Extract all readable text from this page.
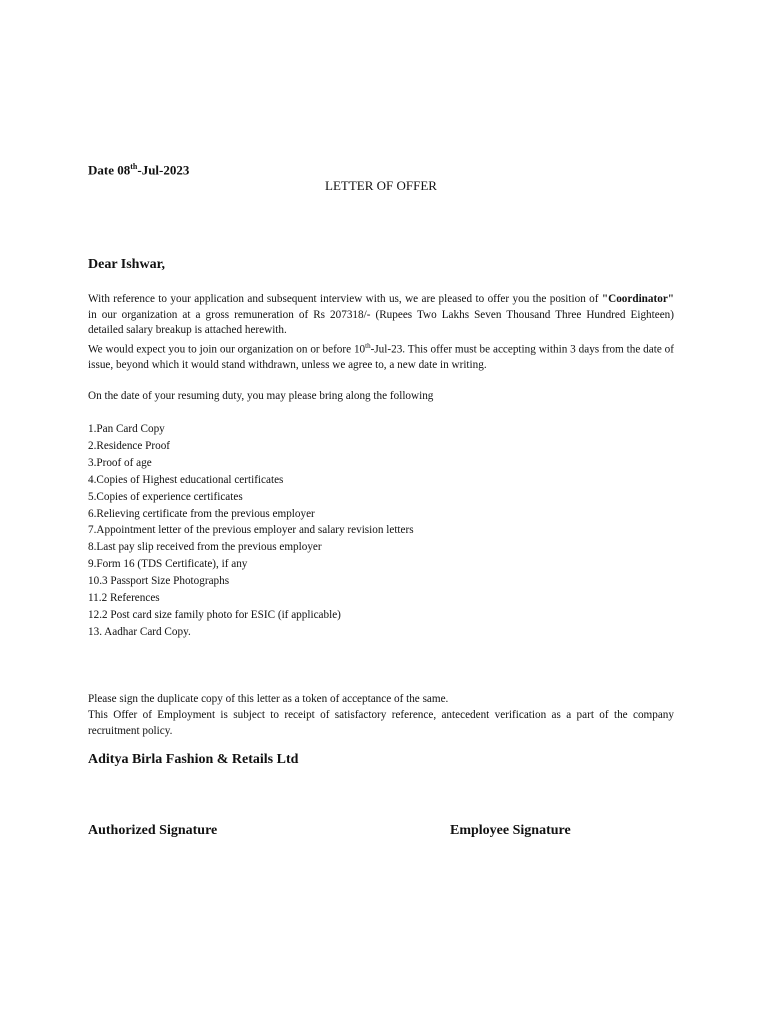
Date 08th-Jul-2023
LETTER OF OFFER
Dear Ishwar,
With reference to your application and subsequent interview with us, we are pleased to offer you the position of "Coordinator" in our organization at a gross remuneration of Rs 207318/- (Rupees Two Lakhs Seven Thousand Three Hundred Eighteen) detailed salary breakup is attached herewith.
We would expect you to join our organization on or before 10th-Jul-23. This offer must be accepting within 3 days from the date of issue, beyond which it would stand withdrawn, unless we agree to, a new date in writing.
On the date of your resuming duty, you may please bring along the following
1.Pan Card Copy
2.Residence Proof
3.Proof of age
4.Copies of Highest educational certificates
5.Copies of experience certificates
6.Relieving certificate from the previous employer
7.Appointment letter of the previous employer and salary revision letters
8.Last pay slip received from the previous employer
9.Form 16 (TDS Certificate), if any
10.3 Passport Size Photographs
11.2 References
12.2 Post card size family photo for ESIC (if applicable)
13. Aadhar Card Copy.
Please sign the duplicate copy of this letter as a token of acceptance of the same.
This Offer of Employment is subject to receipt of satisfactory reference, antecedent verification as a part of the company recruitment policy.
Aditya Birla Fashion & Retails Ltd
Authorized Signature	Employee Signature
